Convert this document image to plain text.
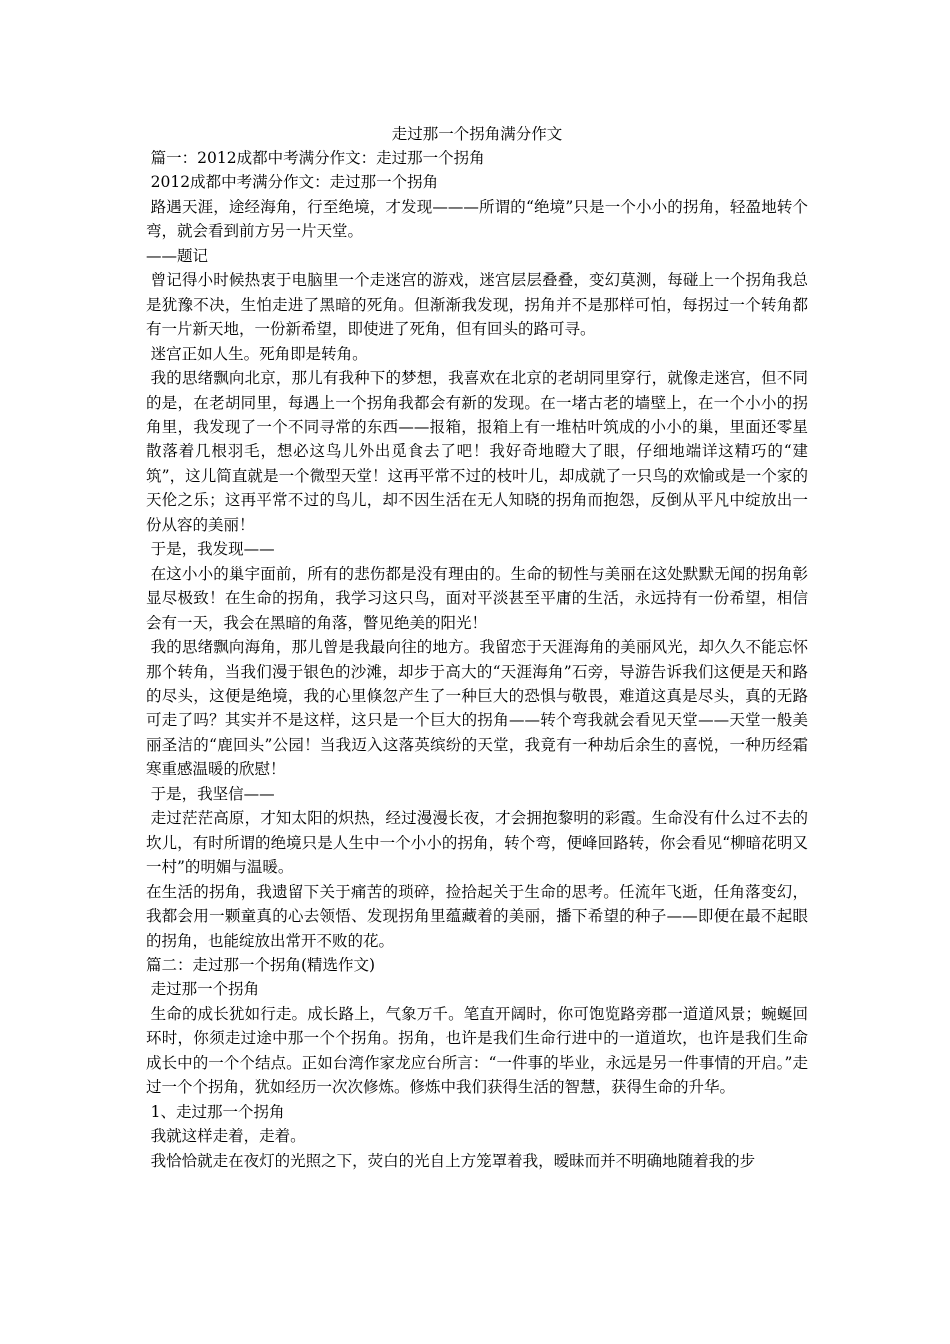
走过那一个拐角满分作文

篇一：2012成都中考满分作文：走过那一个拐角

2012成都中考满分作文：走过那一个拐角

路遇天涯，途经海角，行至绝境，才发现———所谓的“绝境”只是一个小小的拐角，轻盈地转个弯，就会看到前方另一片天堂。

——题记

曾记得小时候热衷于电脑里一个走迷宫的游戏，迷宫层层叠叠，变幻莫测，每碰上一个拐角我总是犹豫不决，生怕走进了黑暗的死角。但渐渐我发现，拐角并不是那样可怕，每拐过一个转角都有一片新天地，一份新希望，即使进了死角，但有回头的路可寻。

迷宫正如人生。死角即是转角。

我的思绪飘向北京，那儿有我种下的梦想，我喜欢在北京的老胡同里穿行，就像走迷宫，但不同的是，在老胡同里，每遇上一个拐角我都会有新的发现。在一堵古老的墙壁上，在一个小小的拐角里，我发现了一个不同寻常的东西——报箱，报箱上有一堆枯叶筑成的小小的巢，里面还零星散落着几根羽毛，想必这鸟儿外出觅食去了吧！我好奇地瞪大了眼，仔细地端详这精巧的“建筑”，这儿简直就是一个微型天堂！这再平常不过的枝叶儿，却成就了一只鸟的欢愉或是一个家的天伦之乐；这再平常不过的鸟儿，却不因生活在无人知晓的拐角而抱怨，反倒从平凡中绽放出一份从容的美丽！

于是，我发现——

在这小小的巢宇面前，所有的悲伤都是没有理由的。生命的韧性与美丽在这处默默无闻的拐角彰显尽极致！在生命的拐角，我学习这只鸟，面对平淡甚至平庸的生活，永远持有一份希望，相信会有一天，我会在黑暗的角落，瞥见绝美的阳光！

我的思绪飘向海角，那儿曾是我最向往的地方。我留恋于天涯海角的美丽风光，却久久不能忘怀那个转角，当我们漫于银色的沙滩，却步于高大的“天涯海角”石旁，导游告诉我们这便是天和路的尽头，这便是绝境，我的心里倏忽产生了一种巨大的恐惧与敬畏，难道这真是尽头，真的无路可走了吗？其实并不是这样，这只是一个巨大的拐角——转个弯我就会看见天堂——天堂一般美丽圣洁的“鹿回头”公园！当我迈入这落英缤纷的天堂，我竟有一种劫后余生的喜悦，一种历经霜寒重感温暖的欣慰！

于是，我坚信——

走过茫茫高原，才知太阳的炽热，经过漫漫长夜，才会拥抱黎明的彩霞。生命没有什么过不去的坎儿，有时所谓的绝境只是人生中一个小小的拐角，转个弯，便峰回路转，你会看见“柳暗花明又一村”的明媚与温暖。

在生活的拐角，我遗留下关于痛苦的琐碎，捡拾起关于生命的思考。任流年飞逝，任角落变幻，我都会用一颗童真的心去领悟、发现拐角里蕴藏着的美丽，播下希望的种子——即便在最不起眼的拐角，也能绽放出常开不败的花。

篇二：走过那一个拐角(精选作文)

走过那一个拐角

生命的成长犹如行走。成长路上，气象万千。笔直开阔时，你可饱览路旁郡一道道风景；蜿蜒回环时，你须走过途中那一个个拐角。拐角，也许是我们生命行进中的一道道坎，也许是我们生命成长中的一个个结点。正如台湾作家龙应台所言：“一件事的毕业，永远是另一件事情的开启。”走过一个个拐角，犹如经历一次次修炼。修炼中我们获得生活的智慧，获得生命的升华。

1、走过那一个拐角

我就这样走着，走着。

我恰恰就走在夜灯的光照之下，荧白的光自上方笼罩着我，暧昧而并不明确地随着我的步
